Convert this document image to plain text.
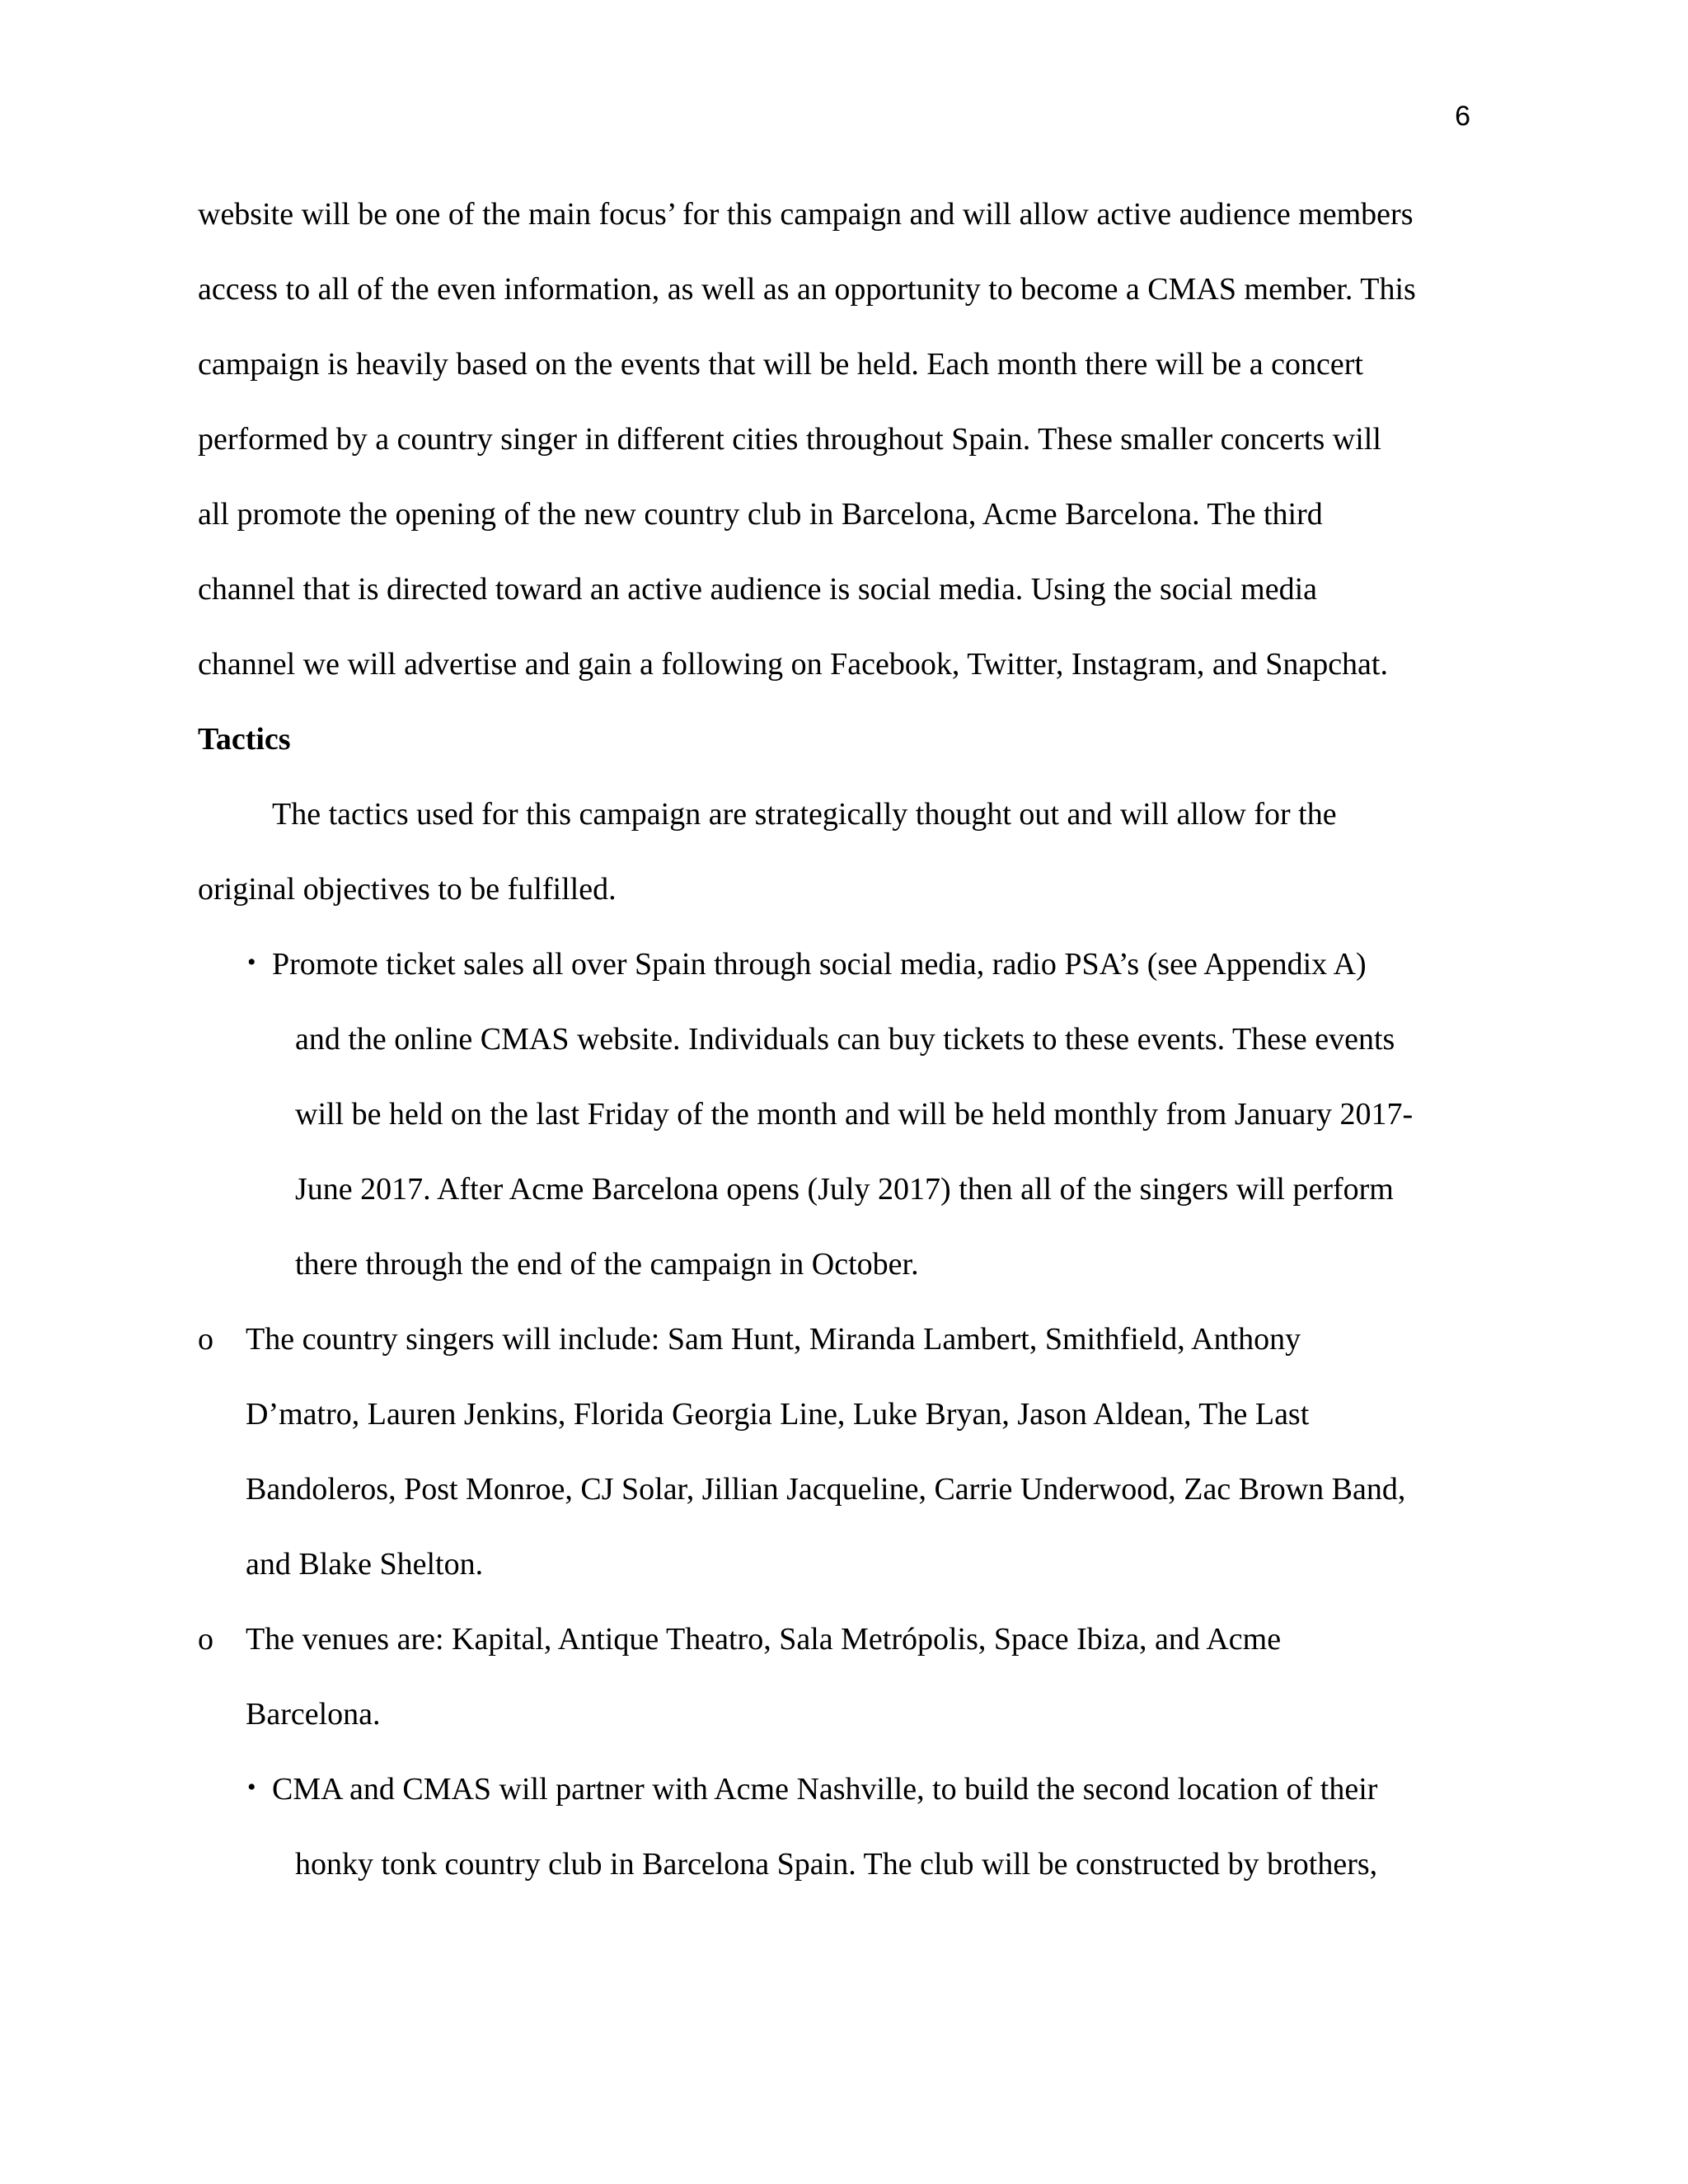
6
website will be one of the main focus’ for this campaign and will allow active audience members
access to all of the even information, as well as an opportunity to become a CMAS member. This
campaign is heavily based on the events that will be held. Each month there will be a concert
performed by a country singer in different cities throughout Spain. These smaller concerts will
all promote the opening of the new country club in Barcelona, Acme Barcelona. The third
channel that is directed toward an active audience is social media. Using the social media
channel we will advertise and gain a following on Facebook, Twitter, Instagram, and Snapchat.
Tactics
The tactics used for this campaign are strategically thought out and will allow for the
original objectives to be fulfilled.
• Promote ticket sales all over Spain through social media, radio PSA’s (see Appendix A)
and the online CMAS website. Individuals can buy tickets to these events. These events
will be held on the last Friday of the month and will be held monthly from January 2017-
June 2017. After Acme Barcelona opens (July 2017) then all of the singers will perform
there through the end of the campaign in October.
o The country singers will include: Sam Hunt, Miranda Lambert, Smithfield, Anthony
D’matro, Lauren Jenkins, Florida Georgia Line, Luke Bryan, Jason Aldean, The Last
Bandoleros, Post Monroe, CJ Solar, Jillian Jacqueline, Carrie Underwood, Zac Brown Band,
and Blake Shelton.
o The venues are: Kapital, Antique Theatro, Sala Metrópolis, Space Ibiza, and Acme
Barcelona.
• CMA and CMAS will partner with Acme Nashville, to build the second location of their
honky tonk country club in Barcelona Spain. The club will be constructed by brothers,
